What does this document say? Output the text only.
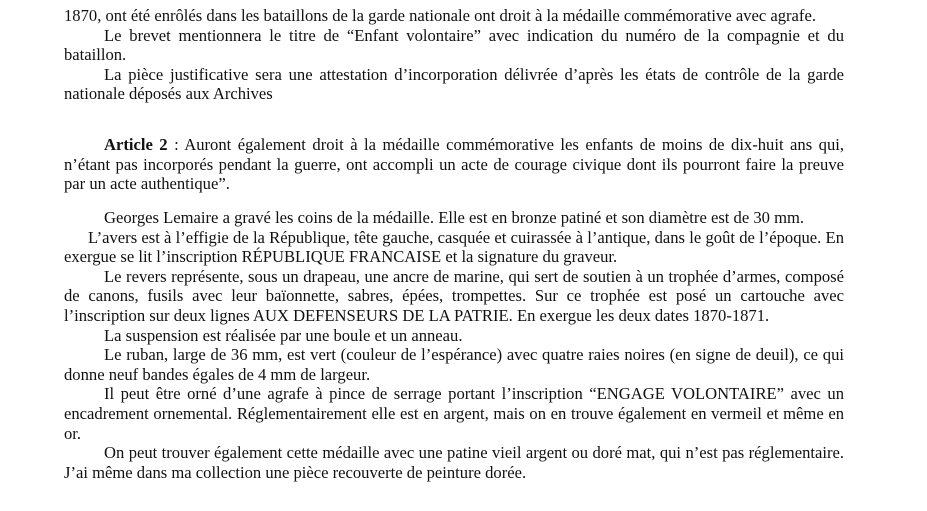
1870, ont été enrôlés dans les bataillons de la garde nationale ont droit à la médaille commémorative avec agrafe.
Le brevet mentionnera le titre de “Enfant volontaire” avec indication du numéro de la compagnie et du bataillon.
La pièce justificative sera une attestation d’incorporation délivrée d’après les états de contrôle de la garde nationale déposés aux Archives
Article 2 : Auront également droit à la médaille commémorative les enfants de moins de dix-huit ans qui, n’étant pas incorporés pendant la guerre, ont accompli un acte de courage civique dont ils pourront faire la preuve par un acte authentique”.
Georges Lemaire a gravé les coins de la médaille. Elle est en bronze patiné et son diamètre est de 30 mm.
L’avers est à l’effigie de la République, tête gauche, casquée et cuirassée à l’antique, dans le goût de l’époque. En exergue se lit l’inscription RÉPUBLIQUE FRANCAISE et la signature du graveur.
Le revers représente, sous un drapeau, une ancre de marine, qui sert de soutien à un trophée d’armes, composé de canons, fusils avec leur baïonnette, sabres, épées, trompettes. Sur ce trophée est posé un cartouche avec l’inscription sur deux lignes AUX DEFENSEURS DE LA PATRIE. En exergue les deux dates 1870-1871.
La suspension est réalisée par une boule et un anneau.
Le ruban, large de 36 mm, est vert (couleur de l’espérance) avec quatre raies noires (en signe de deuil), ce qui donne neuf bandes égales de 4 mm de largeur.
Il peut être orné d’une agrafe à pince de serrage portant l’inscription “ENGAGE VOLONTAIRE” avec un encadrement ornemental. Réglementairement elle est en argent, mais on en trouve également en vermeil et même en or.
On peut trouver également cette médaille avec une patine vieil argent ou doré mat, qui n’est pas réglementaire. J’ai même dans ma collection une pièce recouverte de peinture dorée.
